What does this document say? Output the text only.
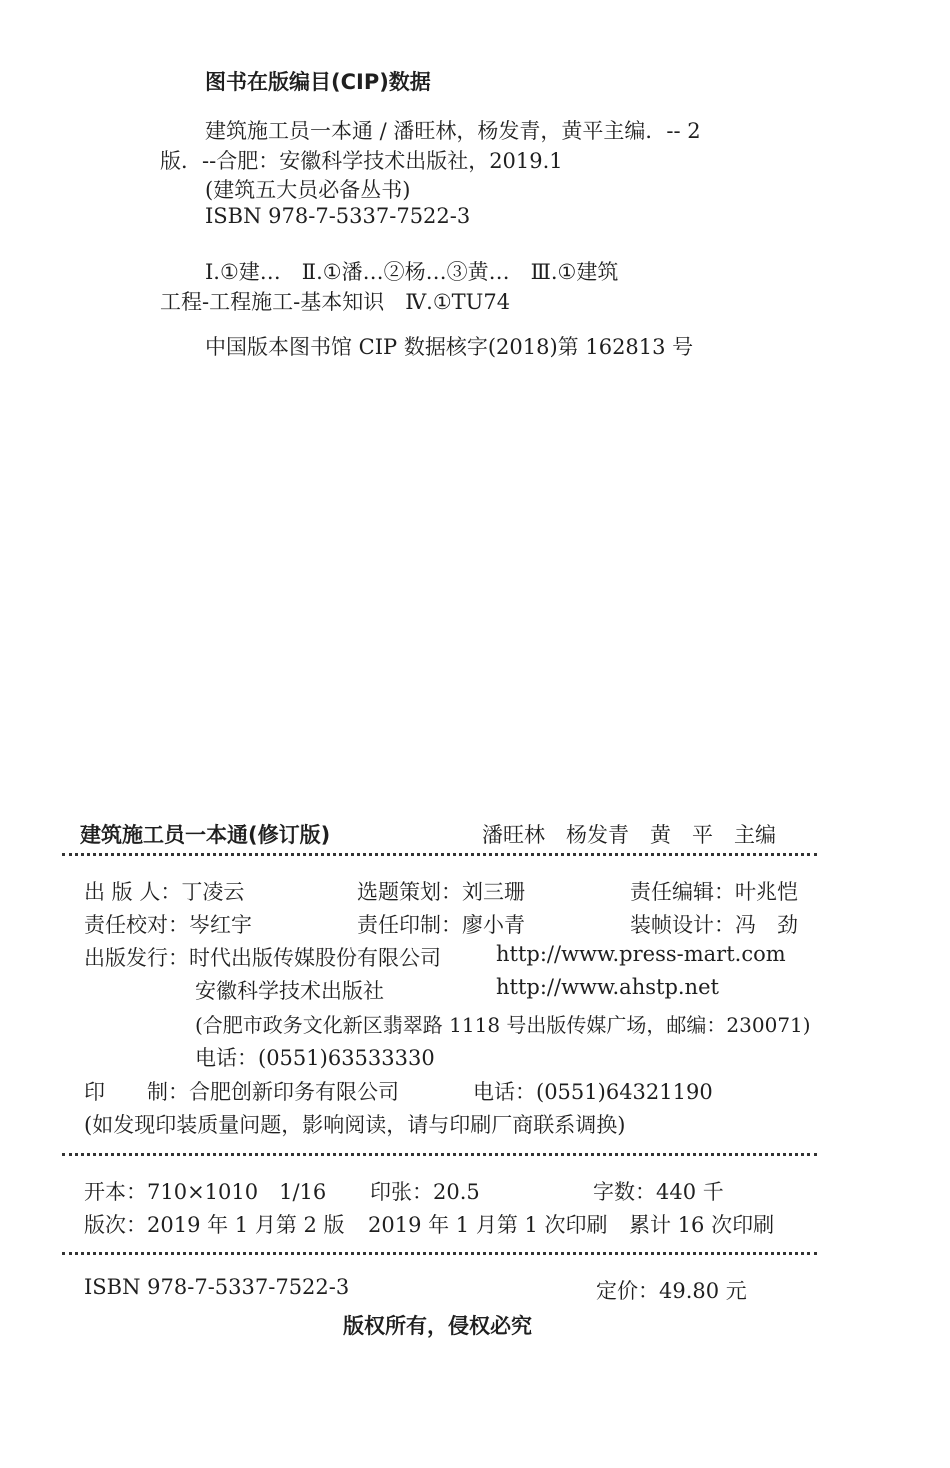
图书在版编目(CIP)数据
建筑施工员一本通 / 潘旺林，杨发青，黄平主编．-- 2
版．--合肥：安徽科学技术出版社，2019.1
(建筑五大员必备丛书)
ISBN 978-7-5337-7522-3
Ⅰ.①建…　Ⅱ.①潘…②杨…③黄…　Ⅲ.①建筑
工程-工程施工-基本知识　Ⅳ.①TU74
中国版本图书馆 CIP 数据核字(2018)第 162813 号
建筑施工员一本通(修订版)	潘旺林　杨发青　黄　平　主编
出 版 人：丁凌云	选题策划：刘三珊	责任编辑：叶兆恺
责任校对：岑红宇	责任印制：廖小青	装帧设计：冯　劲
出版发行：时代出版传媒股份有限公司	http://www.press-mart.com
安徽科学技术出版社	http://www.ahstp.net
(合肥市政务文化新区翡翠路 1118 号出版传媒广场，邮编：230071)
电话：(0551)63533330
印　　制：合肥创新印务有限公司	电话：(0551)64321190
(如发现印装质量问题，影响阅读，请与印刷厂商联系调换)
开本：710×1010　1/16 印张：20.5	字数：440 千
版次：2019 年 1 月第 2 版 2019 年 1 月第 1 次印刷 累计 16 次印刷
ISBN 978-7-5337-7522-3	定价：49.80 元
版权所有，侵权必究
